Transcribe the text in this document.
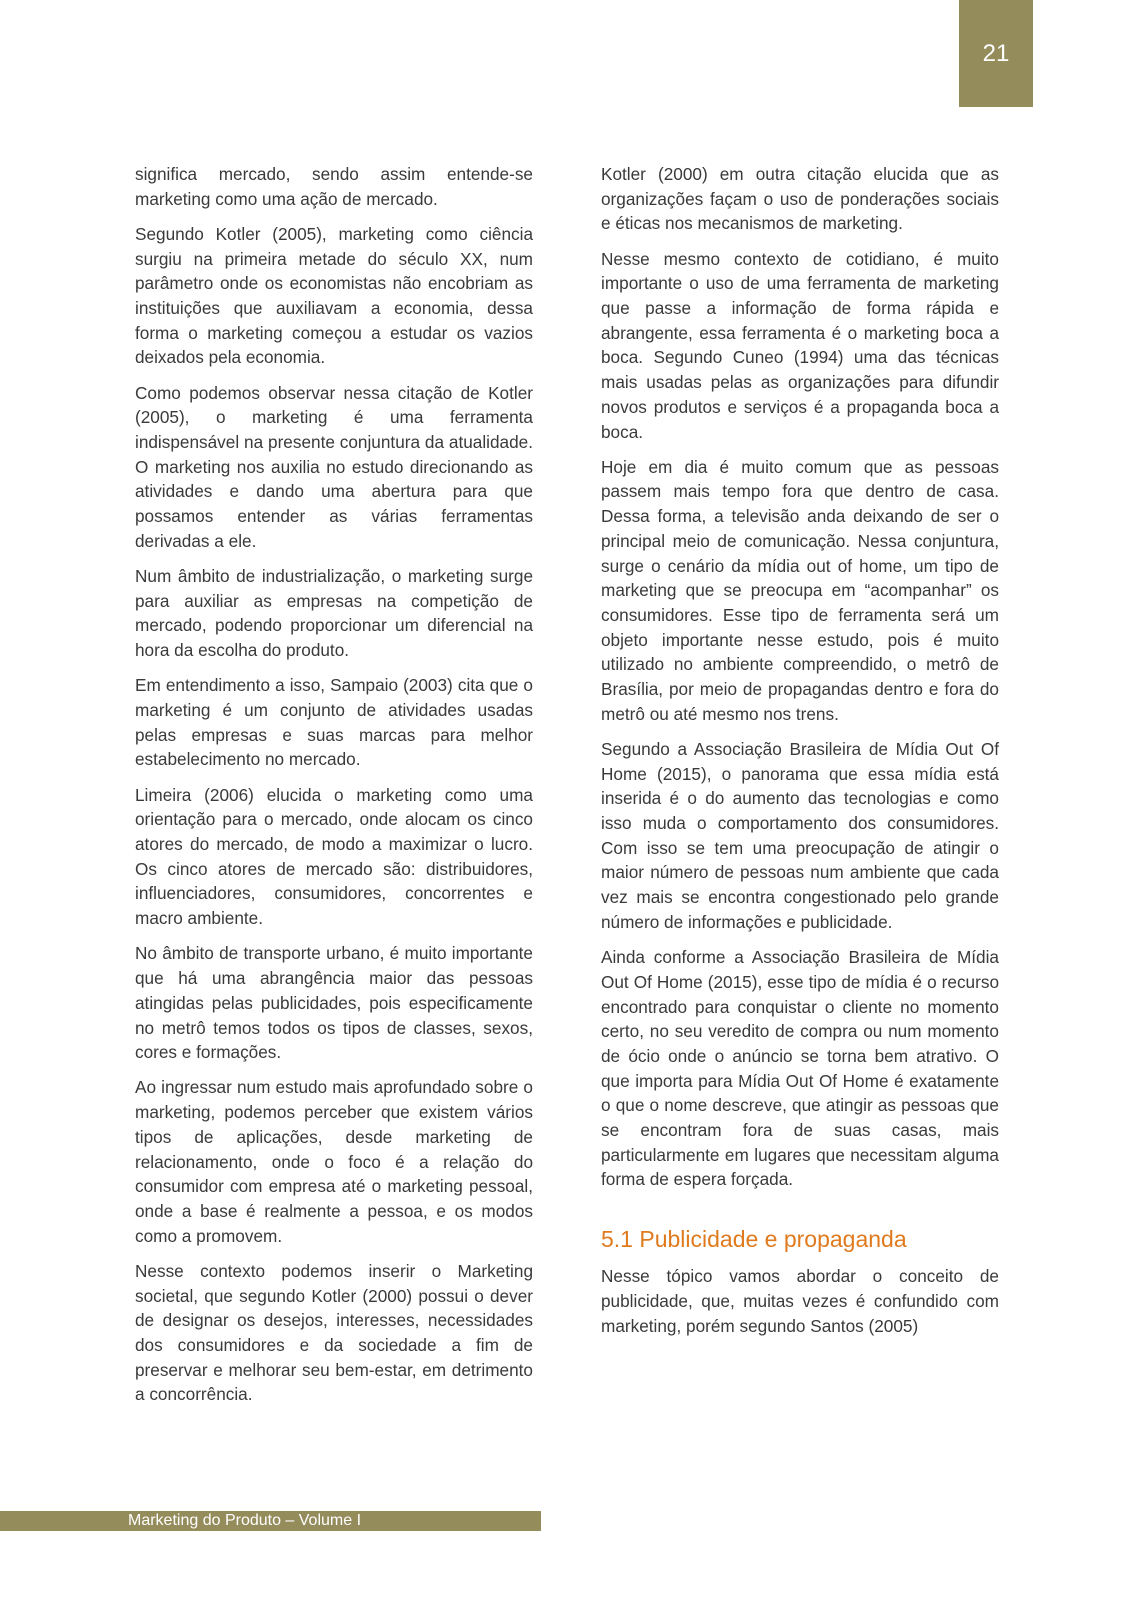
21

significa mercado, sendo assim entende-se marketing como uma ação de mercado.

Segundo Kotler (2005), marketing como ciência surgiu na primeira metade do século XX, num parâmetro onde os economistas não encobriam as instituições que auxiliavam a economia, dessa forma o marketing começou a estudar os vazios deixados pela economia.

Como podemos observar nessa citação de Kotler (2005), o marketing é uma ferramenta indispensável na presente conjuntura da atualidade. O marketing nos auxilia no estudo direcionando as atividades e dando uma abertura para que possamos entender as várias ferramentas derivadas a ele.

Num âmbito de industrialização, o marketing surge para auxiliar as empresas na competição de mercado, podendo proporcionar um diferencial na hora da escolha do produto.

Em entendimento a isso, Sampaio (2003) cita que o marketing é um conjunto de atividades usadas pelas empresas e suas marcas para melhor estabelecimento no mercado.

Limeira (2006) elucida o marketing como uma orientação para o mercado, onde alocam os cinco atores do mercado, de modo a maximizar o lucro. Os cinco atores de mercado são: distribuidores, influenciadores, consumidores, concorrentes e macro ambiente.

No âmbito de transporte urbano, é muito importante que há uma abrangência maior das pessoas atingidas pelas publicidades, pois especificamente no metrô temos todos os tipos de classes, sexos, cores e formações.

Ao ingressar num estudo mais aprofundado sobre o marketing, podemos perceber que existem vários tipos de aplicações, desde marketing de relacionamento, onde o foco é a relação do consumidor com empresa até o marketing pessoal, onde a base é realmente a pessoa, e os modos como a promovem.

Nesse contexto podemos inserir o Marketing societal, que segundo Kotler (2000) possui o dever de designar os desejos, interesses, necessidades dos consumidores e da sociedade a fim de preservar e melhorar seu bem-estar, em detrimento a concorrência.

Kotler (2000) em outra citação elucida que as organizações façam o uso de ponderações sociais e éticas nos mecanismos de marketing.

Nesse mesmo contexto de cotidiano, é muito importante o uso de uma ferramenta de marketing que passe a informação de forma rápida e abrangente, essa ferramenta é o marketing boca a boca. Segundo Cuneo (1994) uma das técnicas mais usadas pelas as organizações para difundir novos produtos e serviços é a propaganda boca a boca.

Hoje em dia é muito comum que as pessoas passem mais tempo fora que dentro de casa. Dessa forma, a televisão anda deixando de ser o principal meio de comunicação. Nessa conjuntura, surge o cenário da mídia out of home, um tipo de marketing que se preocupa em “acompanhar” os consumidores. Esse tipo de ferramenta será um objeto importante nesse estudo, pois é muito utilizado no ambiente compreendido, o metrô de Brasília, por meio de propagandas dentro e fora do metrô ou até mesmo nos trens.

Segundo a Associação Brasileira de Mídia Out Of Home (2015), o panorama que essa mídia está inserida é o do aumento das tecnologias e como isso muda o comportamento dos consumidores. Com isso se tem uma preocupação de atingir o maior número de pessoas num ambiente que cada vez mais se encontra congestionado pelo grande número de informações e publicidade.

Ainda conforme a Associação Brasileira de Mídia Out Of Home (2015), esse tipo de mídia é o recurso encontrado para conquistar o cliente no momento certo, no seu veredito de compra ou num momento de ócio onde o anúncio se torna bem atrativo. O que importa para Mídia Out Of Home é exatamente o que o nome descreve, que atingir as pessoas que se encontram fora de suas casas, mais particularmente em lugares que necessitam alguma forma de espera forçada.

5.1 Publicidade e propaganda

Nesse tópico vamos abordar o conceito de publicidade, que, muitas vezes é confundido com marketing, porém segundo Santos (2005)

Marketing do Produto – Volume I
